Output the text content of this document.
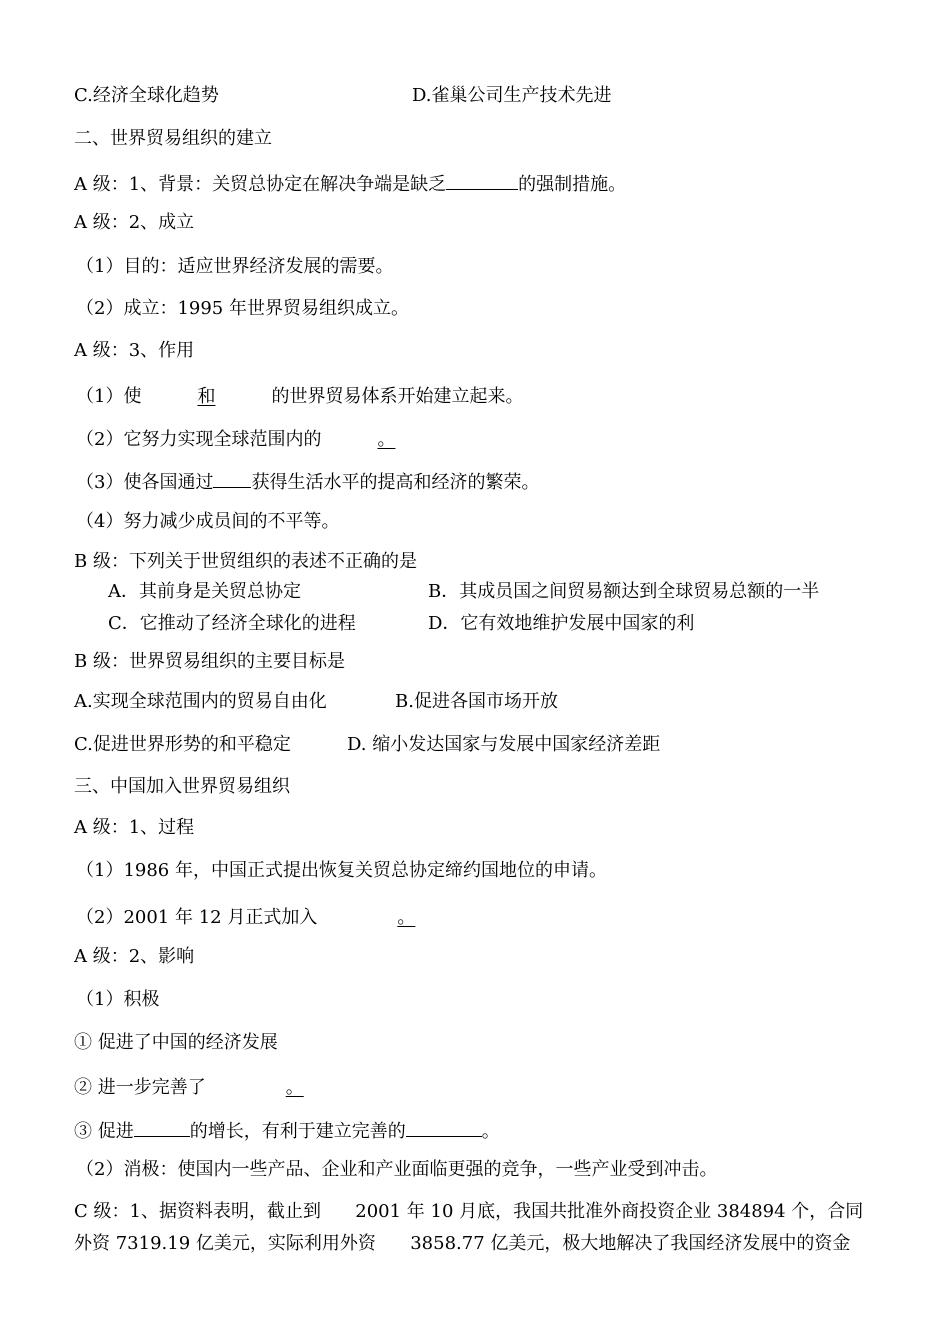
C.经济全球化趋势	D.雀巢公司生产技术先进
二、世界贸易组织的建立
A 级：1、背景：关贸总协定在解决争端是缺乏	的强制措施。
A 级：2、成立
（1）目的：适应世界经济发展的需要。
（2）成立：1995 年世界贸易组织成立。
A 级：3、作用
（1）使	和	的世界贸易体系开始建立起来。
（2）它努力实现全球范围内的	。
（3）使各国通过 获得生活水平的提高和经济的繁荣。
（4）努力减少成员间的不平等。
B 级：下列关于世贸组织的表述不正确的是
A．其前身是关贸总协定	B．其成员国之间贸易额达到全球贸易总额的一半
C．它推动了经济全球化的进程	D．它有效地维护发展中国家的利
B 级：世界贸易组织的主要目标是
A.实现全球范围内的贸易自由化	B.促进各国市场开放
C.促进世界形势的和平稳定	D. 缩小发达国家与发展中国家经济差距
三、中国加入世界贸易组织
A 级：1、过程
（1）1986 年，中国正式提出恢复关贸总协定缔约国地位的申请。
（2）2001 年 12 月正式加入	。
A 级：2、影响
（1）积极
① 促进了中国的经济发展
② 进一步完善了	。
③ 促进	的增长，有利于建立完善的	。
（2）消极：使国内一些产品、企业和产业面临更强的竞争，一些产业受到冲击。
C 级：1、据资料表明，截止到      2001 年 10 月底，我国共批准外商投资企业 384894 个，合同
外资 7319.19 亿美元，实际利用外资      3858.77 亿美元，极大地解决了我国经济发展中的资金
